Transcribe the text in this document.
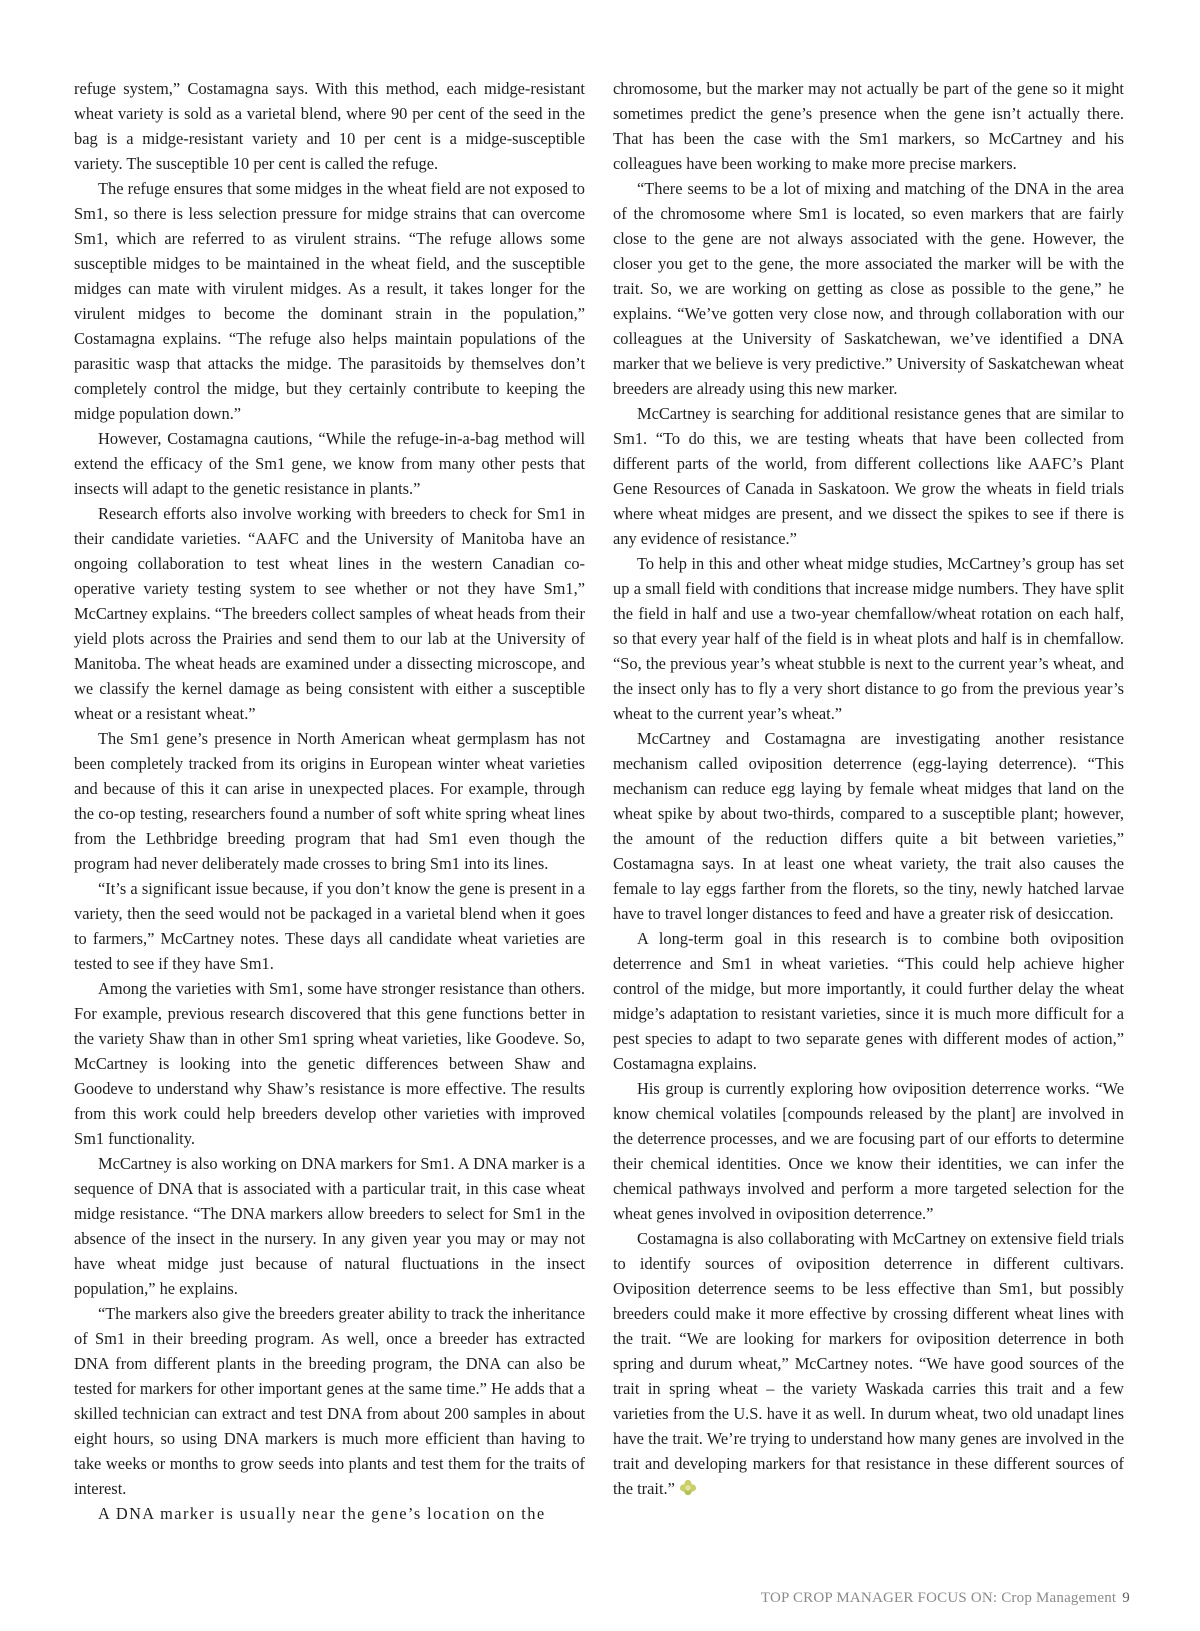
refuge system,” Costamagna says. With this method, each midge-resistant wheat variety is sold as a varietal blend, where 90 per cent of the seed in the bag is a midge-resistant variety and 10 per cent is a midge-susceptible variety. The susceptible 10 per cent is called the refuge.

The refuge ensures that some midges in the wheat field are not exposed to Sm1, so there is less selection pressure for midge strains that can overcome Sm1, which are referred to as virulent strains. “The refuge allows some susceptible midges to be maintained in the wheat field, and the susceptible midges can mate with virulent midges. As a result, it takes longer for the virulent midges to become the dominant strain in the population,” Costamagna explains. “The refuge also helps maintain populations of the parasitic wasp that attacks the midge. The parasitoids by themselves don’t completely control the midge, but they certainly contribute to keeping the midge population down.”

However, Costamagna cautions, “While the refuge-in-a-bag method will extend the efficacy of the Sm1 gene, we know from many other pests that insects will adapt to the genetic resistance in plants.”

Research efforts also involve working with breeders to check for Sm1 in their candidate varieties. “AAFC and the University of Manitoba have an ongoing collaboration to test wheat lines in the western Canadian co-operative variety testing system to see whether or not they have Sm1,” McCartney explains. “The breeders collect samples of wheat heads from their yield plots across the Prairies and send them to our lab at the University of Manitoba. The wheat heads are examined under a dissecting microscope, and we classify the kernel damage as being consistent with either a susceptible wheat or a resistant wheat.”

The Sm1 gene’s presence in North American wheat germplasm has not been completely tracked from its origins in European winter wheat varieties and because of this it can arise in unexpected places. For example, through the co-op testing, researchers found a number of soft white spring wheat lines from the Lethbridge breeding program that had Sm1 even though the program had never deliberately made crosses to bring Sm1 into its lines.

“It’s a significant issue because, if you don’t know the gene is present in a variety, then the seed would not be packaged in a varietal blend when it goes to farmers,” McCartney notes. These days all candidate wheat varieties are tested to see if they have Sm1.

Among the varieties with Sm1, some have stronger resistance than others. For example, previous research discovered that this gene functions better in the variety Shaw than in other Sm1 spring wheat varieties, like Goodeve. So, McCartney is looking into the genetic differences between Shaw and Goodeve to understand why Shaw’s resistance is more effective. The results from this work could help breeders develop other varieties with improved Sm1 functionality.

McCartney is also working on DNA markers for Sm1. A DNA marker is a sequence of DNA that is associated with a particular trait, in this case wheat midge resistance. “The DNA markers allow breeders to select for Sm1 in the absence of the insect in the nursery. In any given year you may or may not have wheat midge just because of natural fluctuations in the insect population,” he explains.

“The markers also give the breeders greater ability to track the inheritance of Sm1 in their breeding program. As well, once a breeder has extracted DNA from different plants in the breeding program, the DNA can also be tested for markers for other important genes at the same time.” He adds that a skilled technician can extract and test DNA from about 200 samples in about eight hours, so using DNA markers is much more efficient than having to take weeks or months to grow seeds into plants and test them for the traits of interest.

A DNA marker is usually near the gene’s location on the

chromosome, but the marker may not actually be part of the gene so it might sometimes predict the gene’s presence when the gene isn’t actually there. That has been the case with the Sm1 markers, so McCartney and his colleagues have been working to make more precise markers.

“There seems to be a lot of mixing and matching of the DNA in the area of the chromosome where Sm1 is located, so even markers that are fairly close to the gene are not always associated with the gene. However, the closer you get to the gene, the more associated the marker will be with the trait. So, we are working on getting as close as possible to the gene,” he explains. “We’ve gotten very close now, and through collaboration with our colleagues at the University of Saskatchewan, we’ve identified a DNA marker that we believe is very predictive.” University of Saskatchewan wheat breeders are already using this new marker.

McCartney is searching for additional resistance genes that are similar to Sm1. “To do this, we are testing wheats that have been collected from different parts of the world, from different collections like AAFC’s Plant Gene Resources of Canada in Saskatoon. We grow the wheats in field trials where wheat midges are present, and we dissect the spikes to see if there is any evidence of resistance.”

To help in this and other wheat midge studies, McCartney’s group has set up a small field with conditions that increase midge numbers. They have split the field in half and use a two-year chemfallow/wheat rotation on each half, so that every year half of the field is in wheat plots and half is in chemfallow. “So, the previous year’s wheat stubble is next to the current year’s wheat, and the insect only has to fly a very short distance to go from the previous year’s wheat to the current year’s wheat.”

McCartney and Costamagna are investigating another resistance mechanism called oviposition deterrence (egg-laying deterrence). “This mechanism can reduce egg laying by female wheat midges that land on the wheat spike by about two-thirds, compared to a susceptible plant; however, the amount of the reduction differs quite a bit between varieties,” Costamagna says. In at least one wheat variety, the trait also causes the female to lay eggs farther from the florets, so the tiny, newly hatched larvae have to travel longer distances to feed and have a greater risk of desiccation.

A long-term goal in this research is to combine both oviposition deterrence and Sm1 in wheat varieties. “This could help achieve higher control of the midge, but more importantly, it could further delay the wheat midge’s adaptation to resistant varieties, since it is much more difficult for a pest species to adapt to two separate genes with different modes of action,” Costamagna explains.

His group is currently exploring how oviposition deterrence works. “We know chemical volatiles [compounds released by the plant] are involved in the deterrence processes, and we are focusing part of our efforts to determine their chemical identities. Once we know their identities, we can infer the chemical pathways involved and perform a more targeted selection for the wheat genes involved in oviposition deterrence.”

Costamagna is also collaborating with McCartney on extensive field trials to identify sources of oviposition deterrence in different cultivars. Oviposition deterrence seems to be less effective than Sm1, but possibly breeders could make it more effective by crossing different wheat lines with the trait. “We are looking for markers for oviposition deterrence in both spring and durum wheat,” McCartney notes. “We have good sources of the trait in spring wheat – the variety Waskada carries this trait and a few varieties from the U.S. have it as well. In durum wheat, two old unadapt lines have the trait. We’re trying to understand how many genes are involved in the trait and developing markers for that resistance in these different sources of the trait.”

TOP CROP MANAGER FOCUS ON: Crop Management 9
